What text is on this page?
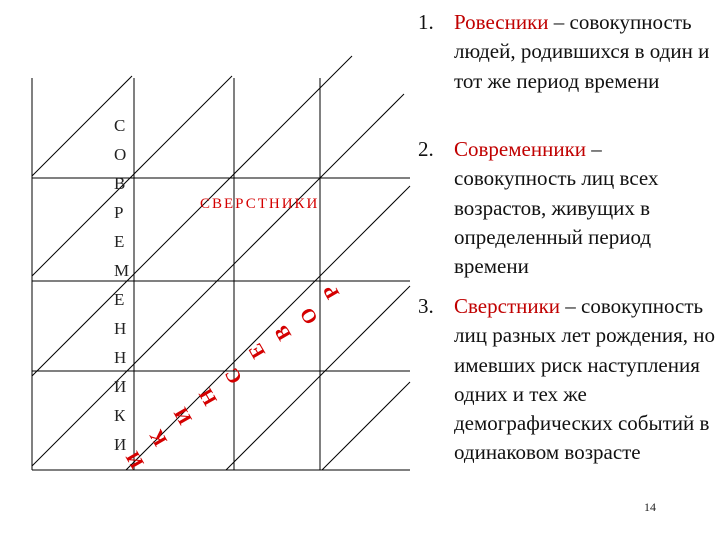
С
О
В
Р
Е
М
Е
Н
Н
И
К
И
СВЕРСТНИКИ
Р
О
В
Е
С
Н
И
К
И
1. Ровесники – совокупность людей, родившихся в один и тот же период времени
2. Современники – совокупность лиц всех возрастов, живущих в определенный период времени
3. Сверстники – совокупность лиц разных лет рождения, но имевших риск наступления одних и тех же демографических событий в одинаковом возрасте
14
